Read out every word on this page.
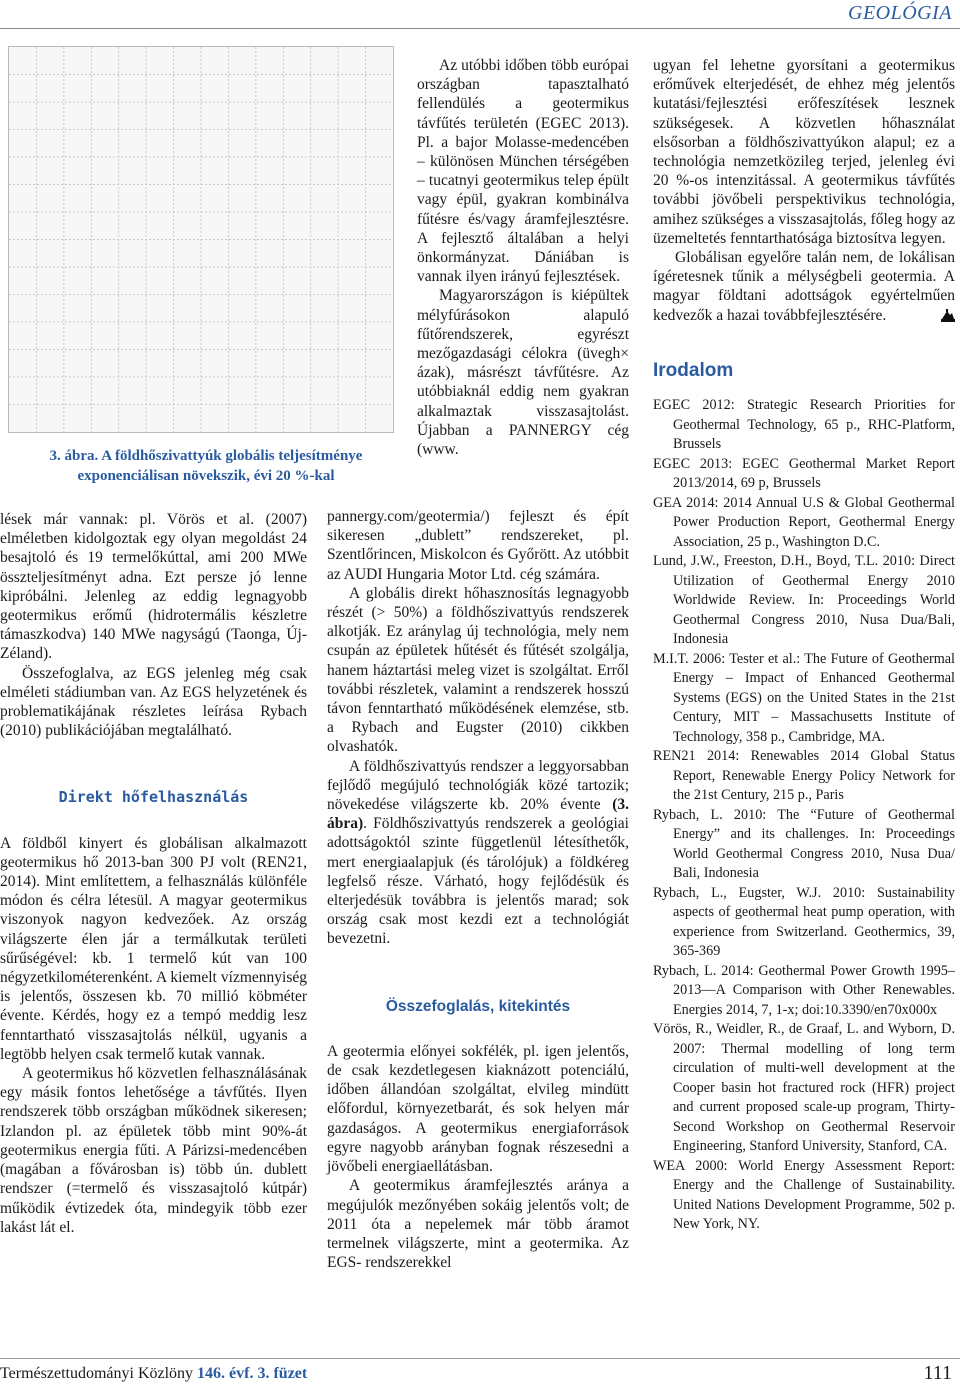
GEOLÓGIA
3. ábra. A földhőszivattyúk globális teljesítménye
exponenciálisan növekszik, évi 20 %-kal

lések már vannak: pl. Vörös et al. (2007) elméletben kidolgoztak egy olyan megoldást 24 besajtoló és 19 termelőkúttal, ami 200 MWe összteljesítményt adna. Ezt persze jó lenne kipróbálni. Jelenleg az eddig legnagyobb geotermikus erőmű (hidrotermális készletre támaszkodva) 140 MWe nagyságú (Taonga, Új-Zéland).

Összefoglalva, az EGS jelenleg még csak elméleti stádiumban van. Az EGS helyzetének és problematikájának részletes leírása Rybach (2010) publikációjában megtalálható.

Direkt hőfelhasználás

A földből kinyert és globálisan alkalmazott geotermikus hő 2013-ban 300 PJ volt (REN21, 2014). Mint említettem, a felhasználás különféle módon és célra létesül. A magyar geotermikus viszonyok nagyon kedvezőek. Az ország világszerte élen jár a termálkutak területi sűrűségével: kb. 1 termelő kút van 100 négyzetkilométerenként. A kiemelt vízmennyiség is jelentős, összesen kb. 70 millió köbméter évente. Kérdés, hogy ez a tempó meddig lesz fenntartható visszasajtolás nélkül, ugyanis a legtöbb helyen csak termelő kutak vannak.

A geotermikus hő közvetlen felhasználásának egy másik fontos lehetősége a távfűtés. Ilyen rendszerek több országban működnek sikeresen; Izlandon pl. az épületek több mint 90%-át geotermikus energia fűti. A Párizsi-medencében (magában a fővárosban is) több ún. dublett rendszer (=termelő és visszasajtoló kútpár) működik évtizedek óta, mindegyik több ezer lakást lát el.

Az utóbbi időben több európai országban tapasztalható fellendülés a geotermikus távfűtés területén (EGEC 2013). Pl. a bajor Molasse-medencében – különösen München térségében – tucatnyi geotermikus telep épült vagy épül, gyakran kombinálva fűtésre és/vagy áramfejlesztésre. A fejlesztő általában a helyi önkormányzat. Dániában is vannak ilyen irányú fejlesztések.

Magyarországon is kiépültek mélyfúrásokon alapuló fűtőrendszerek, egyrészt mezőgazdasági célokra (üvegh× ázak), másrészt távfűtésre. Az utóbbiaknál eddig nem gyakran alkalmaztak visszasajtolást. Újabban a PANNERGY cég (www.

pannergy.com/geotermia/) fejleszt és épít sikeresen „dublett” rendszereket, pl. Szentlőrincen, Miskolcon és Győrött. Az utóbbit az AUDI Hungaria Motor Ltd. cég számára.

A globális direkt hőhasznosítás legnagyobb részét (> 50%) a földhőszivattyús rendszerek alkotják. Ez aránylag új technológia, mely nem csupán az épületek hűtését és fűtését szolgálja, hanem háztartási meleg vizet is szolgáltat. Erről további részletek, valamint a rendszerek hosszú távon fenntartható működésének elemzése, stb. a Rybach and Eugster (2010) cikkben olvashatók.

A földhőszivattyús rendszer a leggyorsabban fejlődő megújuló technológiák közé tartozik; növekedése világszerte kb. 20% évente (3. ábra). Földhőszivattyús rendszerek a geológiai adottságoktól szinte függetlenül létesíthetők, mert energiaalapjuk (és tárolójuk) a földkéreg legfelső része. Várható, hogy fejlődésük és elterjedésük továbbra is jelentős marad; sok ország csak most kezdi ezt a technológiát bevezetni.

Összefoglalás, kitekintés

A geotermia előnyei sokfélék, pl. igen jelentős, de csak kezdetlegesen kiaknázott potenciálú, időben állandóan szolgáltat, elvileg mindütt előfordul, környezetbarát, és sok helyen már gazdaságos. A geotermikus energiaforrások egyre nagyobb arányban fognak részesedni a jövőbeli energiaellátásban.

A geotermikus áramfejlesztés aránya a megújulók mezőnyében sokáig jelentős volt; de 2011 óta a nepelemek már több áramot termelnek világszerte, mint a geotermika. Az EGS- rendszerekkel

ugyan fel lehetne gyorsítani a geotermikus erőművek elterjedését, de ehhez még jelentős kutatási/fejlesztési erőfeszítések lesznek szükségesek. A közvetlen hőhasználat elsősorban a földhőszivattyúkon alapul; ez a technológia nemzetközileg terjed, jelenleg évi 20 %-os intenzitással. A geotermikus távfűtés további jövőbeli perspektivikus technológia, amihez szükséges a visszasajtolás, főleg hogy az üzemeltetés fenntarthatósága biztosítva legyen.

Globálisan egyelőre talán nem, de lokálisan ígéretesnek tűnik a mélységbeli geotermia. A magyar földtani adottságok egyértelműen kedvezők a hazai továbbfejlesztésére.

Irodalom

EGEC 2012: Strategic Research Priorities for Geothermal Technology, 65 p., RHC-Platform, Brussels

EGEC 2013: EGEC Geothermal Market Report 2013/2014, 69 p, Brussels

GEA 2014: 2014 Annual U.S & Global Geothermal Power Production Report, Geothermal Energy Association, 25 p., Washington D.C.

Lund, J.W., Freeston, D.H., Boyd, T.L. 2010: Direct Utilization of Geothermal Energy 2010 Worldwide Review. In: Proceedings World Geothermal Congress 2010, Nusa Dua/Bali, Indonesia

M.I.T. 2006: Tester et al.: The Future of Geothermal Energy – Impact of Enhanced Geothermal Systems (EGS) on the United States in the 21st Century, MIT – Massachusetts Institute of Technology, 358 p., Cambridge, MA.

REN21 2014: Renewables 2014 Global Status Report, Renewable Energy Policy Network for the 21st Century, 215 p., Paris

Rybach, L. 2010: The “Future of Geothermal Energy” and its challenges. In: Proceedings World Geothermal Congress 2010, Nusa Dua/ Bali, Indonesia

Rybach, L., Eugster, W.J. 2010: Sustainability aspects of geothermal heat pump operation, with experience from Switzerland. Geothermics, 39, 365-369

Rybach, L. 2014: Geothermal Power Growth 1995–2013—A Comparison with Other Renewables. Energies 2014, 7, 1-x; doi:10.3390/en70x000x

Vörös, R., Weidler, R., de Graaf, L. and Wyborn, D. 2007: Thermal modelling of long term circulation of multi-well development at the Cooper basin hot fractured rock (HFR) project and current proposed scale-up program, Thirty-Second Workshop on Geothermal Reservoir Engineering, Stanford University, Stanford, CA.

WEA 2000: World Energy Assessment Report: Energy and the Challenge of Sustainability. United Nations Development Programme, 502 p. New York, NY.

Természettudományi Közlöny 146. évf. 3. füzet	111
